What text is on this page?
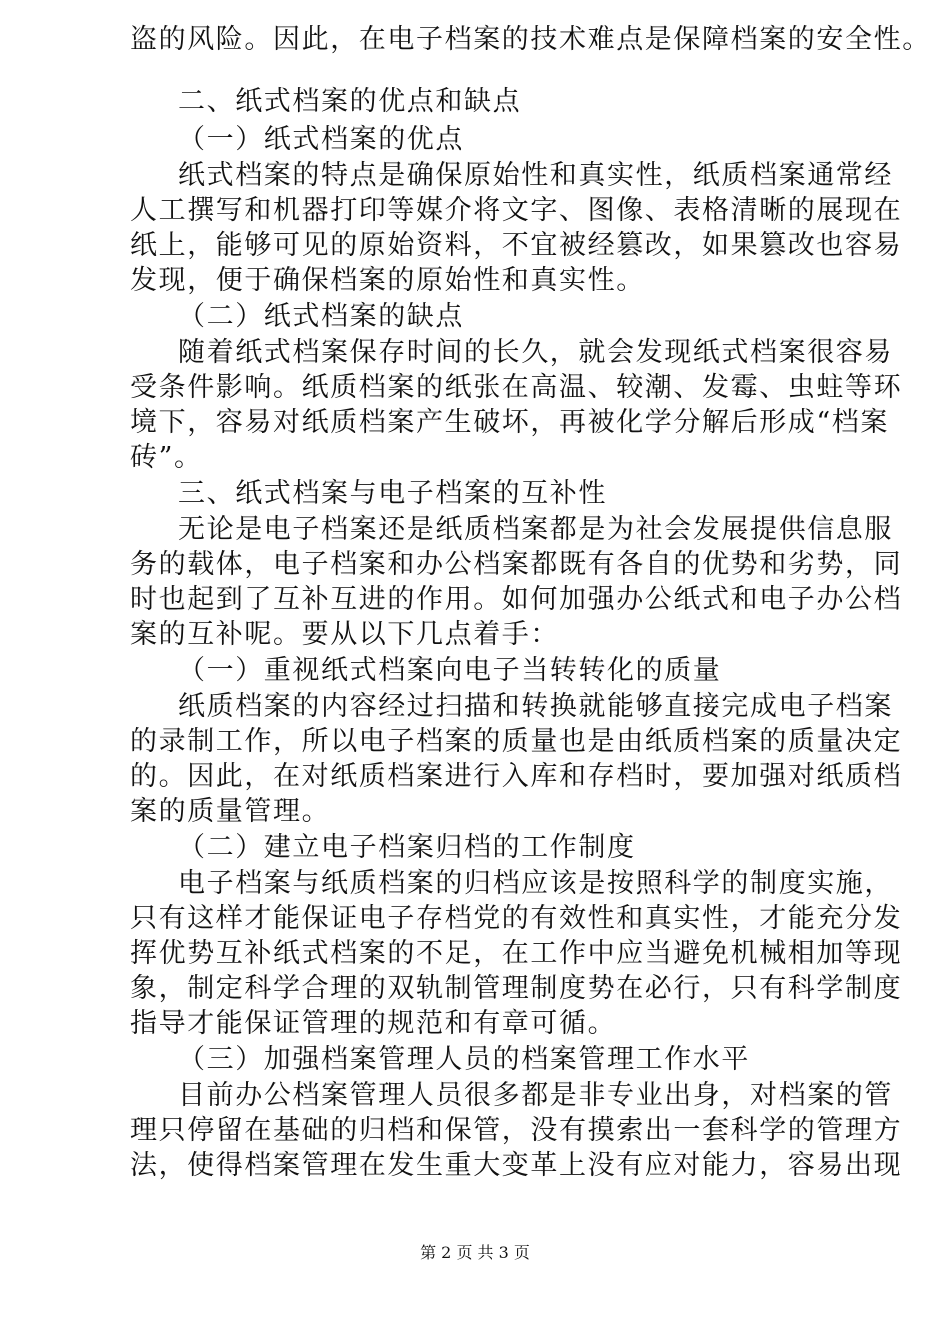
盗的风险。因此，在电子档案的技术难点是保障档案的安全性。
二、纸式档案的优点和缺点
（一）纸式档案的优点
纸式档案的特点是确保原始性和真实性，纸质档案通常经
人工撰写和机器打印等媒介将文字、图像、表格清晰的展现在
纸上，能够可见的原始资料，不宜被经篡改，如果篡改也容易
发现，便于确保档案的原始性和真实性。
（二）纸式档案的缺点
随着纸式档案保存时间的长久，就会发现纸式档案很容易
受条件影响。纸质档案的纸张在高温、较潮、发霉、虫蛀等环
境下，容易对纸质档案产生破坏，再被化学分解后形成“档案
砖”。
三、纸式档案与电子档案的互补性
无论是电子档案还是纸质档案都是为社会发展提供信息服
务的载体，电子档案和办公档案都既有各自的优势和劣势，同
时也起到了互补互进的作用。如何加强办公纸式和电子办公档
案的互补呢。要从以下几点着手：
（一）重视纸式档案向电子当转转化的质量
纸质档案的内容经过扫描和转换就能够直接完成电子档案
的录制工作，所以电子档案的质量也是由纸质档案的质量决定
的。因此，在对纸质档案进行入库和存档时，要加强对纸质档
案的质量管理。
（二）建立电子档案归档的工作制度
电子档案与纸质档案的归档应该是按照科学的制度实施，
只有这样才能保证电子存档党的有效性和真实性，才能充分发
挥优势互补纸式档案的不足，在工作中应当避免机械相加等现
象，制定科学合理的双轨制管理制度势在必行，只有科学制度
指导才能保证管理的规范和有章可循。
（三）加强档案管理人员的档案管理工作水平
目前办公档案管理人员很多都是非专业出身，对档案的管
理只停留在基础的归档和保管，没有摸索出一套科学的管理方
法，使得档案管理在发生重大变革上没有应对能力，容易出现
第 2 页 共 3 页
